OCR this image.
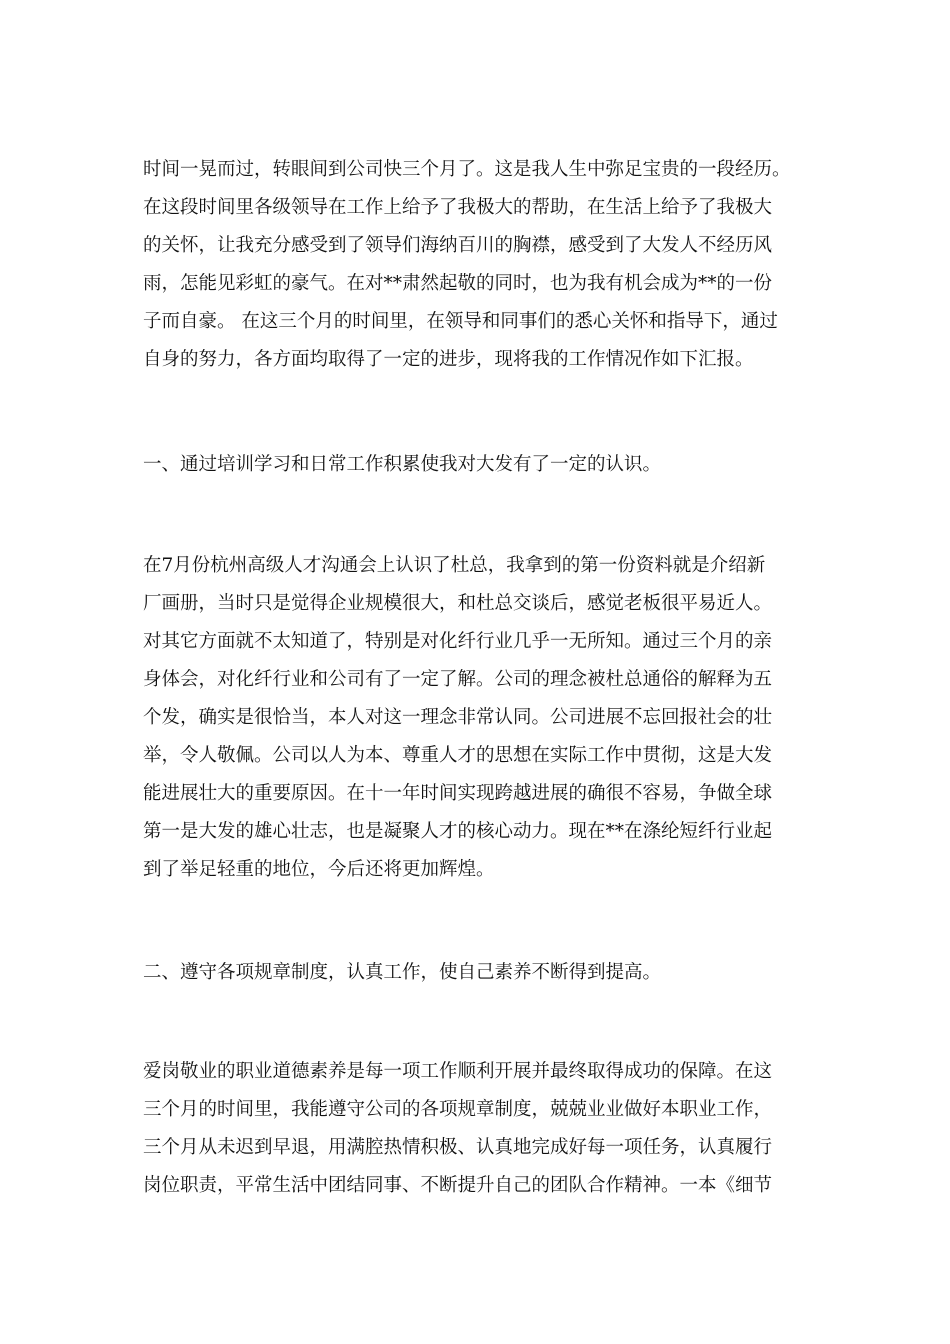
时间一晃而过，转眼间到公司快三个月了。这是我人生中弥足宝贵的一段经历。
在这段时间里各级领导在工作上给予了我极大的帮助，在生活上给予了我极大
的关怀，让我充分感受到了领导们海纳百川的胸襟，感受到了大发人不经历风
雨，怎能见彩虹的豪气。在对**肃然起敬的同时，也为我有机会成为**的一份
子而自豪。 在这三个月的时间里，在领导和同事们的悉心关怀和指导下，通过
自身的努力，各方面均取得了一定的进步，现将我的工作情况作如下汇报。
一、通过培训学习和日常工作积累使我对大发有了一定的认识。
在7月份杭州高级人才沟通会上认识了杜总，我拿到的第一份资料就是介绍新
厂画册，当时只是觉得企业规模很大，和杜总交谈后，感觉老板很平易近人。
对其它方面就不太知道了，特别是对化纤行业几乎一无所知。通过三个月的亲
身体会，对化纤行业和公司有了一定了解。公司的理念被杜总通俗的解释为五
个发，确实是很恰当，本人对这一理念非常认同。公司进展不忘回报社会的壮
举，令人敬佩。公司以人为本、尊重人才的思想在实际工作中贯彻，这是大发
能进展壮大的重要原因。在十一年时间实现跨越进展的确很不容易，争做全球
第一是大发的雄心壮志，也是凝聚人才的核心动力。现在**在涤纶短纤行业起
到了举足轻重的地位，今后还将更加辉煌。
二、遵守各项规章制度，认真工作，使自己素养不断得到提高。
爱岗敬业的职业道德素养是每一项工作顺利开展并最终取得成功的保障。在这
三个月的时间里，我能遵守公司的各项规章制度，兢兢业业做好本职业工作，
三个月从未迟到早退，用满腔热情积极、认真地完成好每一项任务，认真履行
岗位职责，平常生活中团结同事、不断提升自己的团队合作精神。一本《细节
